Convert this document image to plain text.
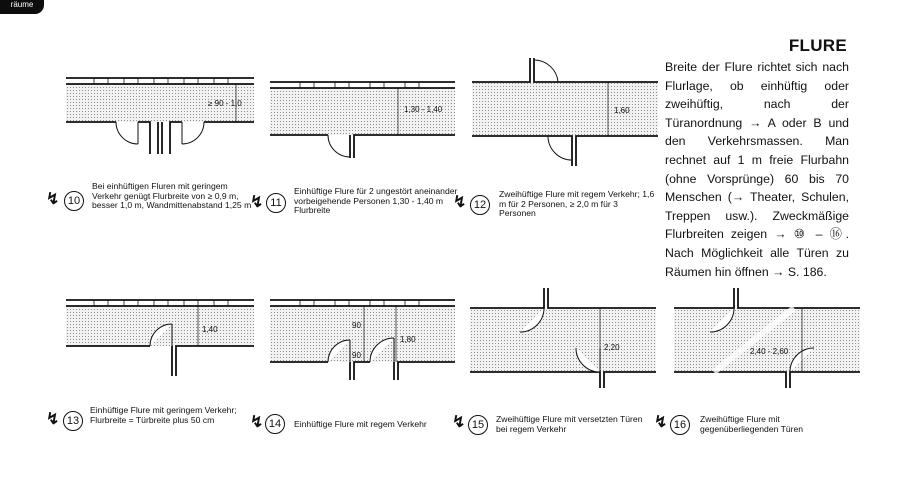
räume
FLURE
Breite der Flure richtet sich nach Flurlage, ob einhüftig oder zweihüftig, nach der Türanordnung → A oder B und den Verkehrsmassen. Man rechnet auf 1 m freie Flurbahn (ohne Vorsprünge) 60 bis 70 Menschen (→ Theater, Schulen, Treppen usw.). Zweckmäßige Flurbreiten zeigen → ⑩ – ⑯. Nach Möglichkeit alle Türen zu Räumen hin öffnen → S. 186.
≥ 90 - 1,0
1,30 - 1,40	1,60
1,40	90
90
1,80
2,20	2,40 - 2,60
↯ 10
Bei einhüftigen Fluren mit geringem Verkehr genügt Flurbreite von ≥ 0,9 m, besser 1,0 m, Wandmittenabstand 1,25 m
↯ 11
Einhüftige Flure für 2 ungestört aneinander vorbeigehende Personen 1,30 - 1,40 m Flurbreite	↯ 12
Zweihüftige Flure mit regem Verkehr; 1,6 m für 2 Personen, ≥ 2,0 m für 3 Personen
↯ 13
Einhüftige Flure mit geringem Verkehr; Flurbreite = Türbreite plus 50 cm	↯ 14	Einhüftige Flure mit regem Verkehr	↯ 15	Zweihüftige Flure mit versetzten Türen bei regem Verkehr	↯ 16	Zweihüftige Flure mit gegenüberliegenden Türen
